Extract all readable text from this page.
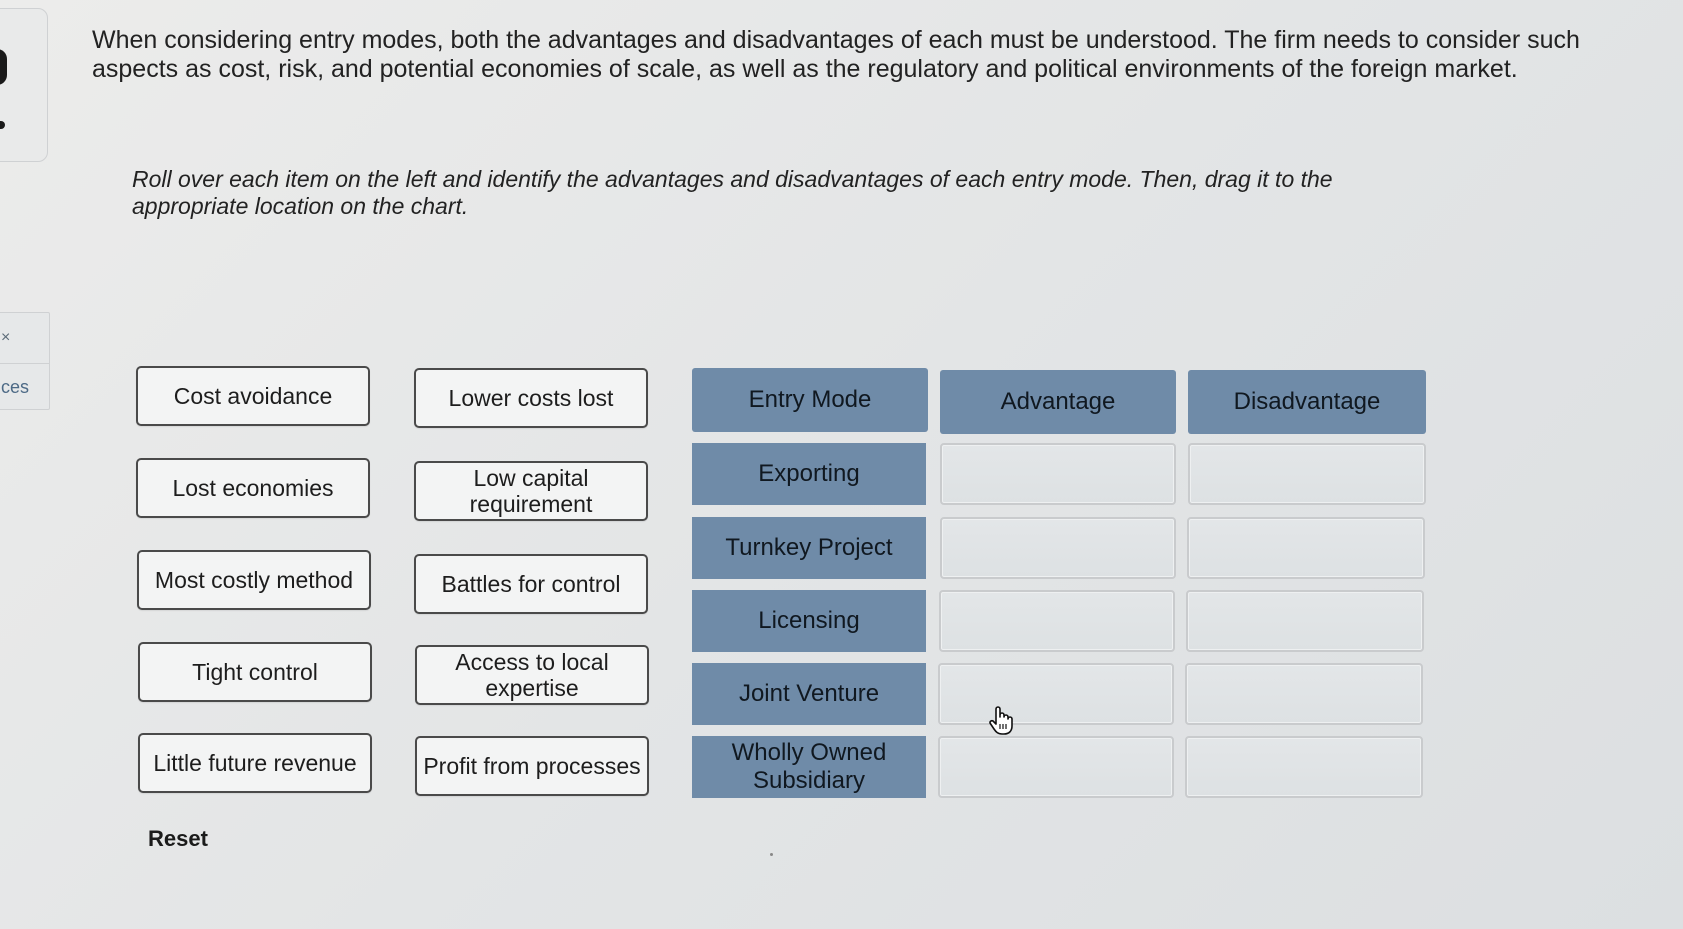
×
ces
When considering entry modes, both the advantages and disadvantages of each must be understood. The firm needs to consider such aspects as cost, risk, and potential economies of scale, as well as the regulatory and political environments of the foreign market.
Roll over each item on the left and identify the advantages and disadvantages of each entry mode. Then, drag it to the appropriate location on the chart.
Cost avoidance
Lost economies
Most costly method
Tight control
Little future revenue
Lower costs lost
Low capital requirement
Battles for control
Access to local expertise
Profit from processes
Entry Mode	Advantage	Disadvantage
Exporting
Turnkey Project
Licensing
Joint Venture
Wholly Owned Subsidiary
Reset
